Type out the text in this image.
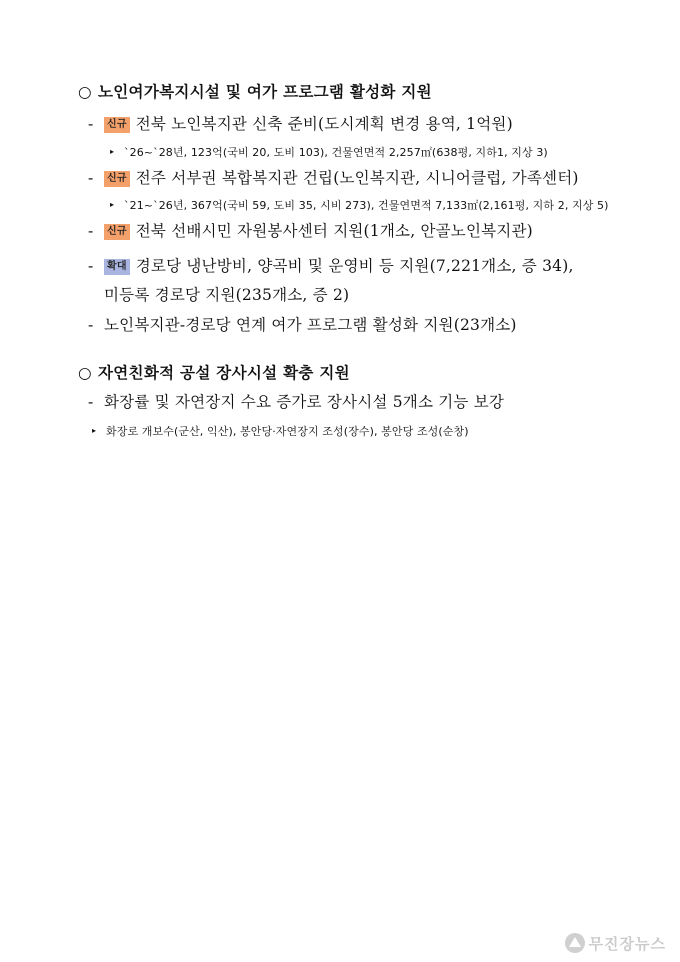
○ 노인여가복지시설 및 여가 프로그램 활성화 지원
- 신규 전북 노인복지관 신축 준비(도시계획 변경 용역, 1억원)
▸ `26~`28년, 123억(국비 20, 도비 103), 건물연면적 2,257㎡(638평, 지하1, 지상 3)
- 신규 전주 서부권 복합복지관 건립(노인복지관, 시니어클럽, 가족센터)
▸ `21~`26년, 367억(국비 59, 도비 35, 시비 273), 건물연면적 7,133㎡(2,161평, 지하 2, 지상 5)
- 신규 전북 선배시민 자원봉사센터 지원(1개소, 안골노인복지관)
- 확대 경로당 냉난방비, 양곡비 및 운영비 등 지원(7,221개소, 증 34),
미등록 경로당 지원(235개소, 증 2)
- 노인복지관-경로당 연계 여가 프로그램 활성화 지원(23개소)
○ 자연친화적 공설 장사시설 확충 지원
- 화장률 및 자연장지 수요 증가로 장사시설 5개소 기능 보강
▸ 화장로 개보수(군산, 익산), 봉안당·자연장지 조성(장수), 봉안당 조성(순창)
무진장뉴스
